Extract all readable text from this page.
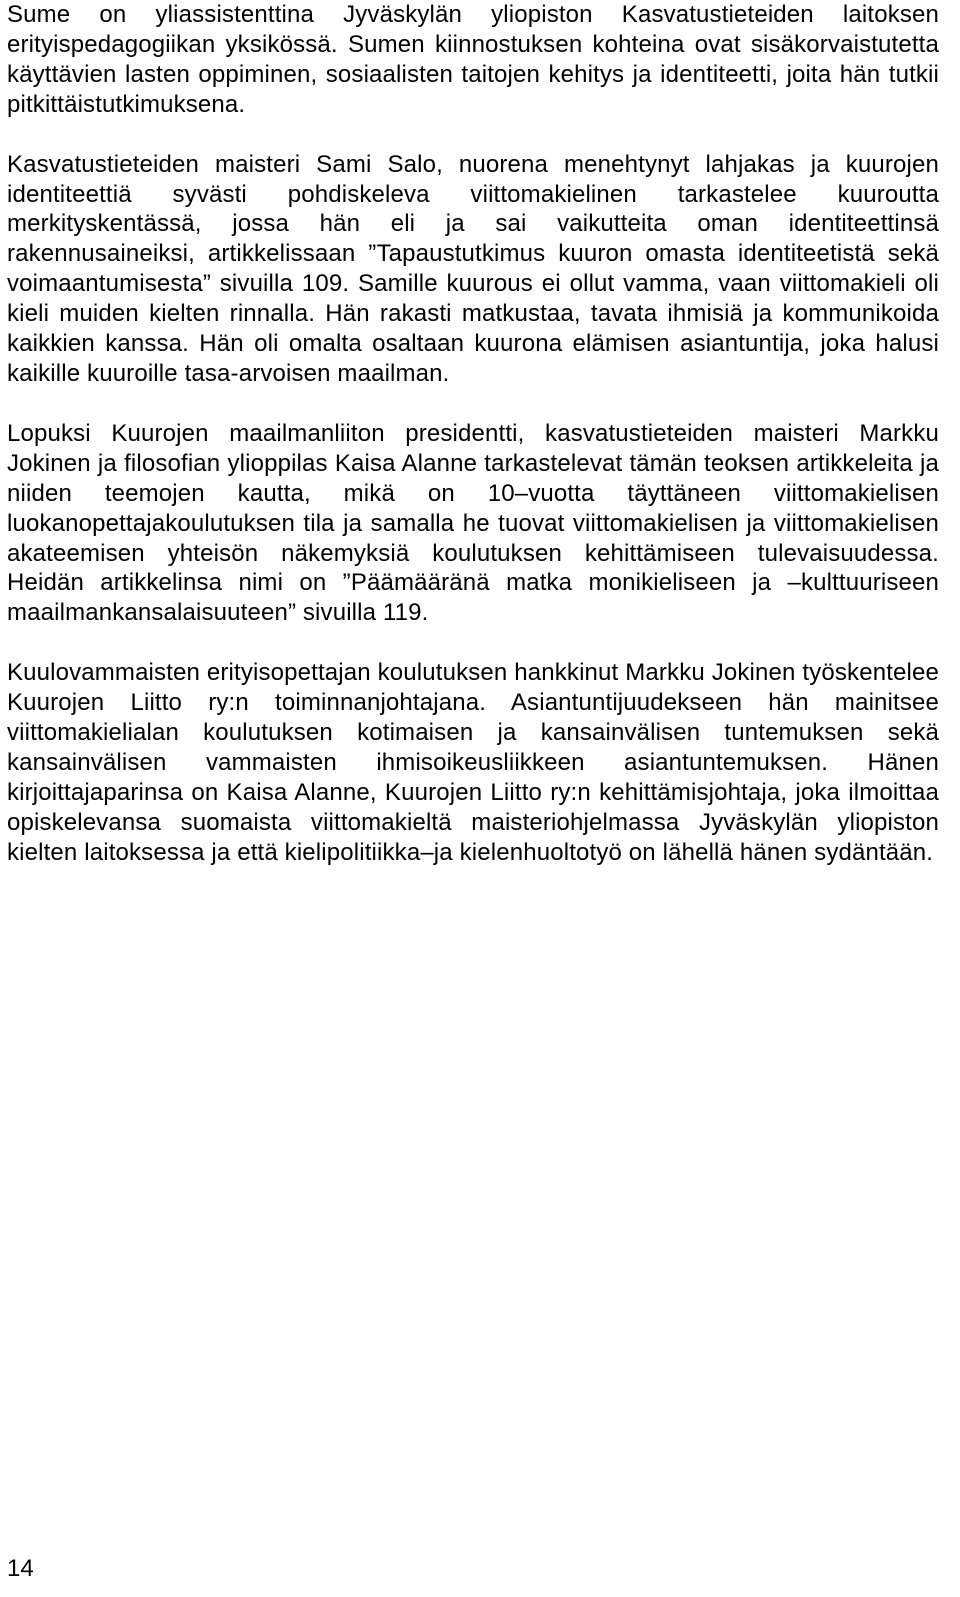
Sume on yliassistenttina Jyväskylän yliopiston Kasvatustieteiden laitoksen erityispedagogiikan yksikössä. Sumen kiinnostuksen kohteina ovat sisäkorvaistutetta käyttävien lasten oppiminen, sosiaalisten taitojen kehitys ja identiteetti, joita hän tutkii pitkittäistutkimuksena.

Kasvatustieteiden maisteri Sami Salo, nuorena menehtynyt lahjakas ja kuurojen identiteettiä syvästi pohdiskeleva viittomakielinen tarkastelee kuuroutta merkityskentässä, jossa hän eli ja sai vaikutteita oman identiteettinsä rakennusaineiksi, artikkelissaan ”Tapaustutkimus kuuron omasta identiteetistä sekä voimaantumisesta” sivuilla 109. Samille kuurous ei ollut vamma, vaan viittomakieli oli kieli muiden kielten rinnalla. Hän rakasti matkustaa, tavata ihmisiä ja kommunikoida kaikkien kanssa. Hän oli omalta osaltaan kuurona elämisen asiantuntija, joka halusi kaikille kuuroille tasa-arvoisen maailman.

Lopuksi Kuurojen maailmanliiton presidentti, kasvatustieteiden maisteri Markku Jokinen ja filosofian ylioppilas Kaisa Alanne tarkastelevat tämän teoksen artikkeleita ja niiden teemojen kautta, mikä on 10–vuotta täyttäneen viittomakielisen luokanopettajakoulutuksen tila ja samalla he tuovat viittomakielisen ja viittomakielisen akateemisen yhteisön näkemyksiä koulutuksen kehittämiseen tulevaisuudessa. Heidän artikkelinsa nimi on ”Päämääränä matka monikieliseen ja –kulttuuriseen maailmankansalaisuuteen” sivuilla 119.

Kuulovammaisten erityisopettajan koulutuksen hankkinut Markku Jokinen työskentelee Kuurojen Liitto ry:n toiminnanjohtajana. Asiantuntijuudekseen hän mainitsee viittomakielialan koulutuksen kotimaisen ja kansainvälisen tuntemuksen sekä kansainvälisen vammaisten ihmisoikeusliikkeen asiantuntemuksen. Hänen kirjoittajaparinsa on Kaisa Alanne, Kuurojen Liitto ry:n kehittämisjohtaja, joka ilmoittaa opiskelevansa suomaista viittomakieltä maisteriohjelmassa Jyväskylän yliopiston kielten laitoksessa ja että kielipolitiikka–ja kielenhuoltotyö on lähellä hänen sydäntään.

14
